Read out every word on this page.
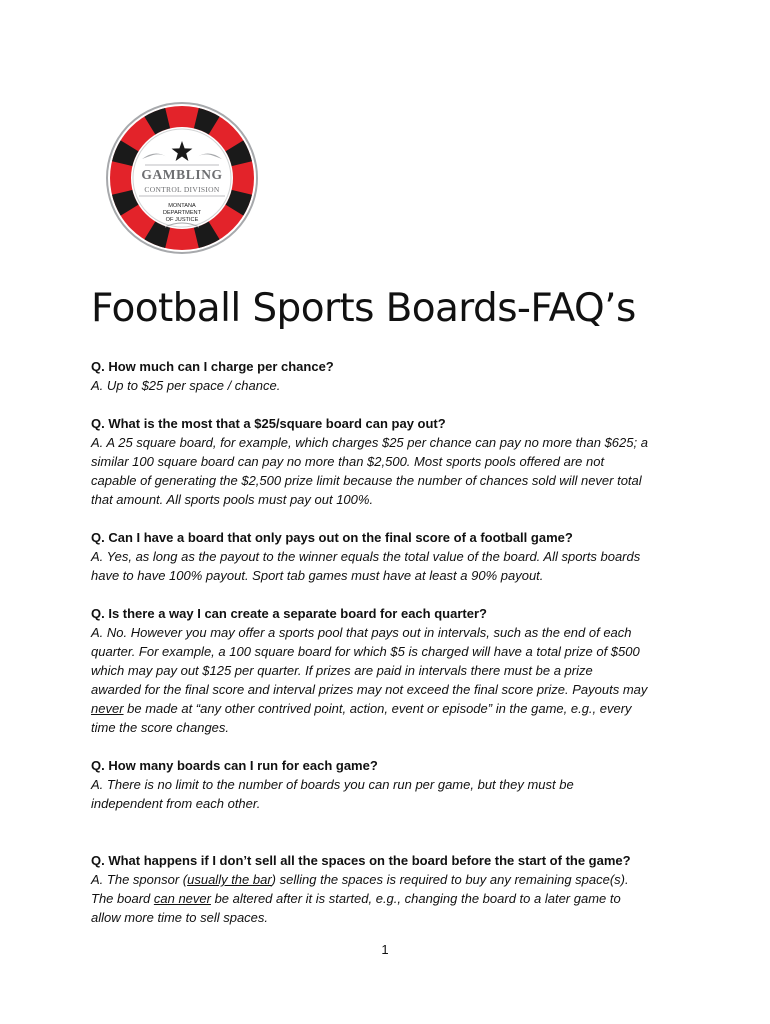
GAMBLING
CONTROL DIVISION
MONTANA
DEPARTMENT
OF JUSTICE
Football Sports Boards-FAQ’s

Q. How much can I charge per chance?

A. Up to $25 per space / chance.

Q. What is the most that a $25/square board can pay out?

A. A 25 square board, for example, which charges $25 per chance can pay no more than $625; a

similar 100 square board can pay no more than $2,500. Most sports pools offered are not

capable of generating the $2,500 prize limit because the number of chances sold will never total

that amount. All sports pools must pay out 100%.

Q. Can I have a board that only pays out on the final score of a football game?

A. Yes, as long as the payout to the winner equals the total value of the board. All sports boards

have to have 100% payout. Sport tab games must have at least a 90% payout.

Q. Is there a way I can create a separate board for each quarter?

A. No. However you may offer a sports pool that pays out in intervals, such as the end of each

quarter. For example, a 100 square board for which $5 is charged will have a total prize of $500

which may pay out $125 per quarter. If prizes are paid in intervals there must be a prize

awarded for the final score and interval prizes may not exceed the final score prize. Payouts may

never be made at “any other contrived point, action, event or episode” in the game, e.g., every

time the score changes.

Q. How many boards can I run for each game?

A. There is no limit to the number of boards you can run per game, but they must be

independent from each other.

Q. What happens if I don’t sell all the spaces on the board before the start of the game?

A. The sponsor (usually the bar) selling the spaces is required to buy any remaining space(s).

The board can never be altered after it is started, e.g., changing the board to a later game to

allow more time to sell spaces.

1
